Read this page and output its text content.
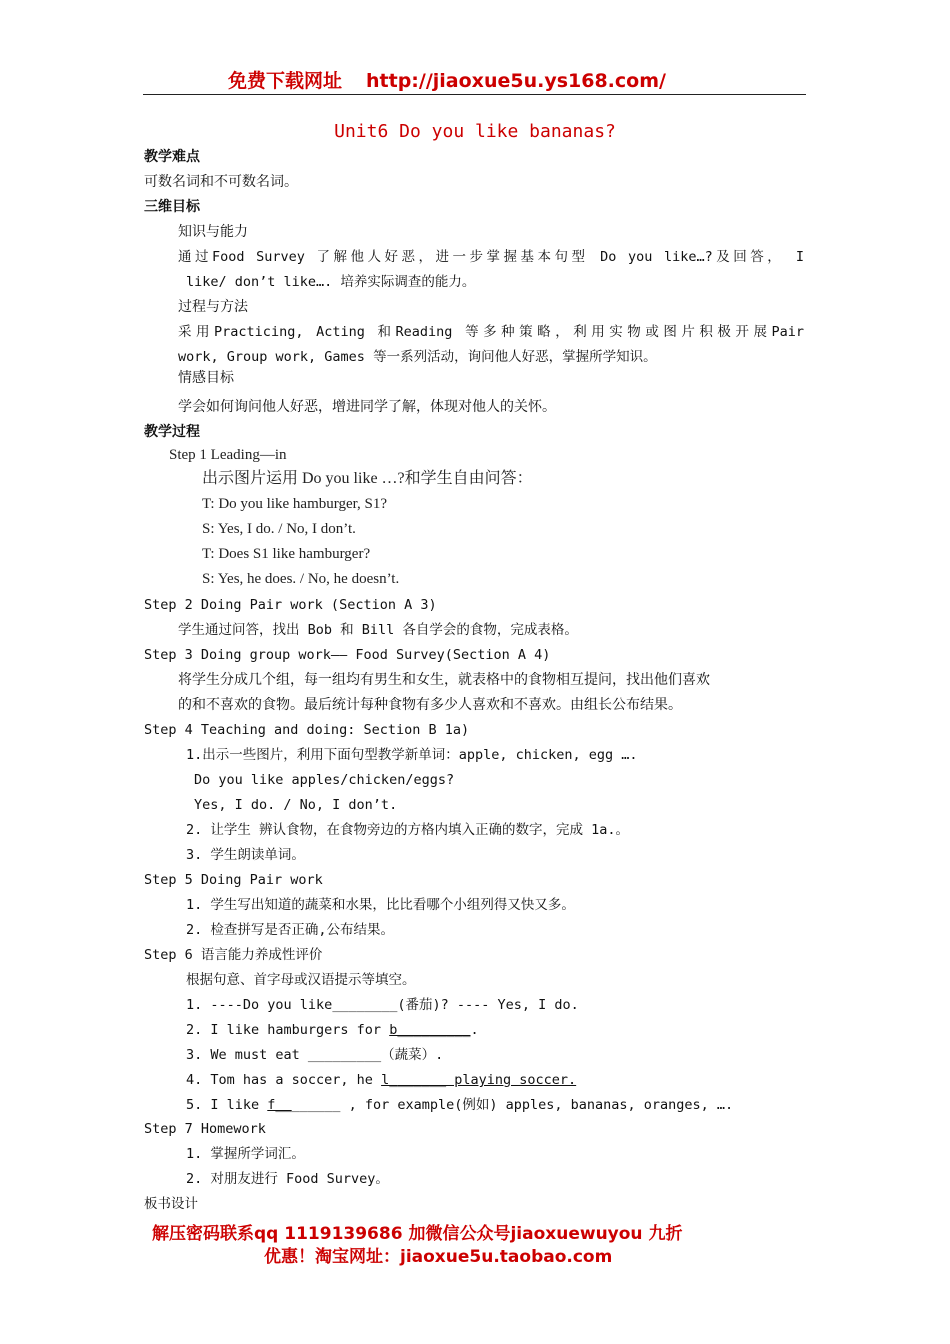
免费下载网址 http://jiaoxue5u.ys168.com/
Unit6 Do you like bananas?
教学难点
可数名词和不可数名词。
三维目标
知识与能力
通过Food Survey 了解他人好恶，进一步掌握基本句型 Do you like…?及回答， I
like/ don’t like…. 培养实际调查的能力。
过程与方法
采用Practicing, Acting 和Reading 等多种策略，利用实物或图片积极开展Pair
work, Group work, Games 等一系列活动，询问他人好恶，掌握所学知识。
情感目标
学会如何询问他人好恶，增进同学了解，体现对他人的关怀。
教学过程
Step 1 Leading—in
出示图片运用 Do you like …?和学生自由问答：
T: Do you like hamburger, S1?
S: Yes, I do. / No, I don’t.
T: Does S1 like hamburger?
S: Yes, he does. / No, he doesn’t.
Step 2 Doing Pair work (Section A 3)
学生通过问答，找出 Bob 和 Bill 各自学会的食物，完成表格。
Step 3 Doing group work—— Food Survey(Section A 4)
将学生分成几个组，每一组均有男生和女生，就表格中的食物相互提问，找出他们喜欢
的和不喜欢的食物。最后统计每种食物有多少人喜欢和不喜欢。由组长公布结果。
Step 4 Teaching and doing: Section B 1a)
1.出示一些图片，利用下面句型教学新单词：apple, chicken, egg ….
Do you like apples/chicken/eggs?
Yes, I do. / No, I don’t.
2. 让学生 辨认食物，在食物旁边的方格内填入正确的数字，完成 1a.。
3. 学生朗读单词。
Step 5 Doing Pair work
1. 学生写出知道的蔬菜和水果，比比看哪个小组列得又快又多。
2. 检查拼写是否正确,公布结果。
Step 6 语言能力养成性评价
根据句意、首字母或汉语提示等填空。
1. ----Do you like________(番茄)? ---- Yes, I do.
2. I like hamburgers for b_________.
3. We must eat _________（蔬菜）.
4. Tom has a soccer, he l_______ playing soccer.
5. I like f________ , for example(例如) apples, bananas, oranges, ….
Step 7 Homework
1. 掌握所学词汇。
2. 对朋友进行 Food Survey。
板书设计
解压密码联系qq 1119139686 加微信公众号jiaoxuewuyou 九折
优惠！淘宝网址：jiaoxue5u.taobao.com
